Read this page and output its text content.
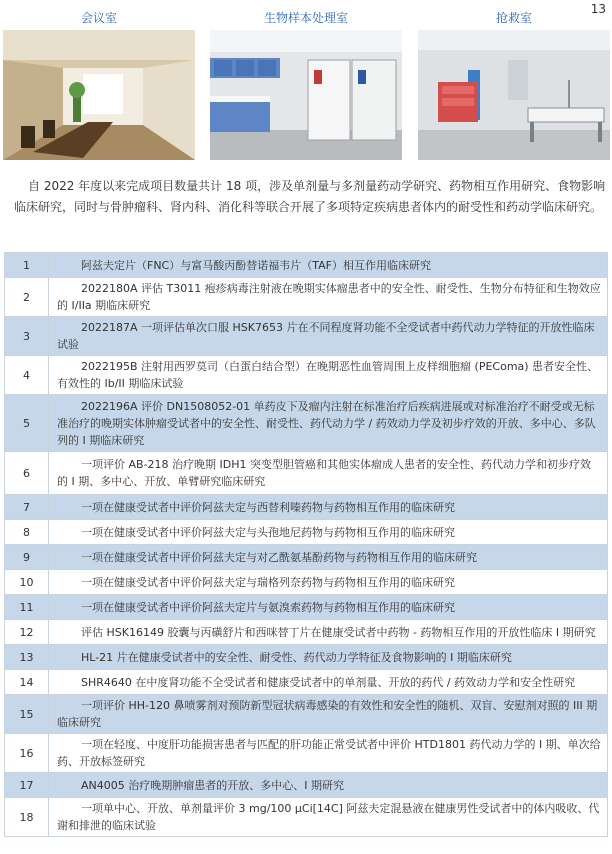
13
会议室	生物样本处理室	抢救室
自 2022 年度以来完成项目数量共计 18 项，涉及单剂量与多剂量药动学研究、药物相互作用研究、食物影响临床研究，同时与骨肿瘤科、肾内科、消化科等联合开展了多项特定疾病患者体内的耐受性和药动学临床研究。
1	阿兹夫定片（FNC）与富马酸丙酚替诺福韦片（TAF）相互作用临床研究
2	2022180A 评估 T3011 疱疹病毒注射液在晚期实体瘤患者中的安全性、耐受性、生物分布特征和生物效应的 I/IIa 期临床研究
3	2022187A 一项评估单次口服 HSK7653 片在不同程度肾功能不全受试者中药代动力学特征的开放性临床试验
4	2022195B 注射用西罗莫司（白蛋白结合型）在晚期恶性血管周围上皮样细胞瘤 (PEComa) 患者安全性、有效性的 Ib/II 期临床试验
5	2022196A 评价 DN1508052-01 单药皮下及瘤内注射在标准治疗后疾病进展或对标准治疗不耐受或无标准治疗的晚期实体肿瘤受试者中的安全性、耐受性、药代动力学 / 药效动力学及初步疗效的开放、多中心、多队列的 I 期临床研究
6	一项评价 AB-218 治疗晚期 IDH1 突变型胆管癌和其他实体瘤成人患者的安全性、药代动力学和初步疗效的 I 期、多中心、开放、单臂研究临床研究
7	一项在健康受试者中评价阿兹夫定与西替利嗪药物与药物相互作用的临床研究
8	一项在健康受试者中评价阿兹夫定与头孢地尼药物与药物相互作用的临床研究
9	一项在健康受试者中评价阿兹夫定与对乙酰氨基酚药物与药物相互作用的临床研究
10	一项在健康受试者中评价阿兹夫定与瑞格列奈药物与药物相互作用的临床研究
11	一项在健康受试者中评价阿兹夫定片与氨溴索药物与药物相互作用的临床研究
12	评估 HSK16149 胶囊与丙磺舒片和西咪替丁片在健康受试者中药物 - 药物相互作用的开放性临床 I 期研究
13	HL-21 片在健康受试者中的安全性、耐受性、药代动力学特征及食物影响的 I 期临床研究
14	SHR4640 在中度肾功能不全受试者和健康受试者中的单剂量、开放的药代 / 药效动力学和安全性研究
15	一项评价 HH-120 鼻喷雾剂对预防新型冠状病毒感染的有效性和安全性的随机、双盲、安慰剂对照的 III 期临床研究
16	一项在轻度、中度肝功能损害患者与匹配的肝功能正常受试者中评价 HTD1801 药代动力学的 I 期、单次给药、开放标签研究
17	AN4005 治疗晚期肿瘤患者的开放、多中心、I 期研究
18	一项单中心、开放、单剂量评价 3 mg/100 μCi[14C] 阿兹夫定混悬液在健康男性受试者中的体内吸收、代谢和排泄的临床试验
